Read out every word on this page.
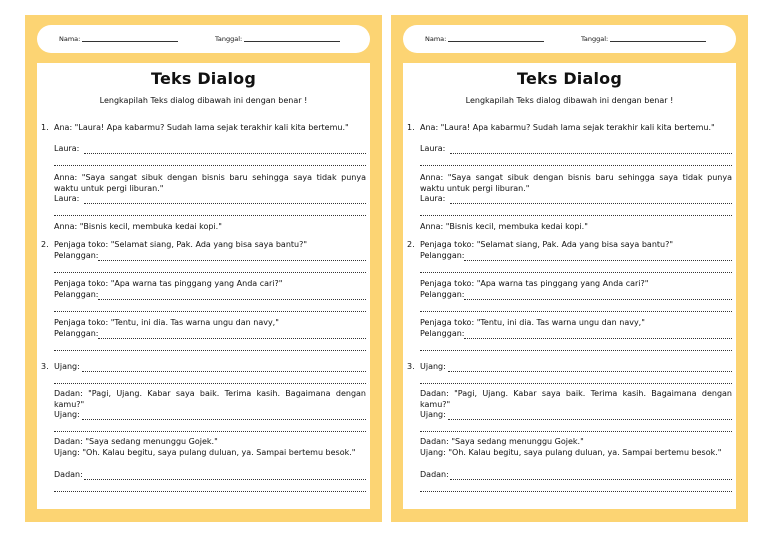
Nama:	Tanggal:
Teks Dialog
Lengkapilah Teks dialog dibawah ini dengan benar !
1. Ana: "Laura! Apa kabarmu? Sudah lama sejak terakhir kali kita bertemu."
Laura:
Anna: "Saya sangat sibuk dengan bisnis baru sehingga saya tidak punya waktu untuk pergi liburan."
Laura:
Anna: "Bisnis kecil, membuka kedai kopi."
2. Penjaga toko: "Selamat siang, Pak. Ada yang bisa saya bantu?"
Pelanggan:
Penjaga toko: "Apa warna tas pinggang yang Anda cari?"
Pelanggan:
Penjaga toko: "Tentu, ini dia. Tas warna ungu dan navy,"
Pelanggan:
3. Ujang:
Dadan: "Pagi, Ujang. Kabar saya baik. Terima kasih. Bagaimana dengan kamu?"
Ujang:
Dadan: "Saya sedang menunggu Gojek."
Ujang: "Oh. Kalau begitu, saya pulang duluan, ya. Sampai bertemu besok."
Dadan:
Nama:	Tanggal:
Teks Dialog
Lengkapilah Teks dialog dibawah ini dengan benar !
1. Ana: "Laura! Apa kabarmu? Sudah lama sejak terakhir kali kita bertemu."
Laura:
Anna: "Saya sangat sibuk dengan bisnis baru sehingga saya tidak punya waktu untuk pergi liburan."
Laura:
Anna: "Bisnis kecil, membuka kedai kopi."
2. Penjaga toko: "Selamat siang, Pak. Ada yang bisa saya bantu?"
Pelanggan:
Penjaga toko: "Apa warna tas pinggang yang Anda cari?"
Pelanggan:
Penjaga toko: "Tentu, ini dia. Tas warna ungu dan navy,"
Pelanggan:
3. Ujang:
Dadan: "Pagi, Ujang. Kabar saya baik. Terima kasih. Bagaimana dengan kamu?"
Ujang:
Dadan: "Saya sedang menunggu Gojek."
Ujang: "Oh. Kalau begitu, saya pulang duluan, ya. Sampai bertemu besok."
Dadan:
